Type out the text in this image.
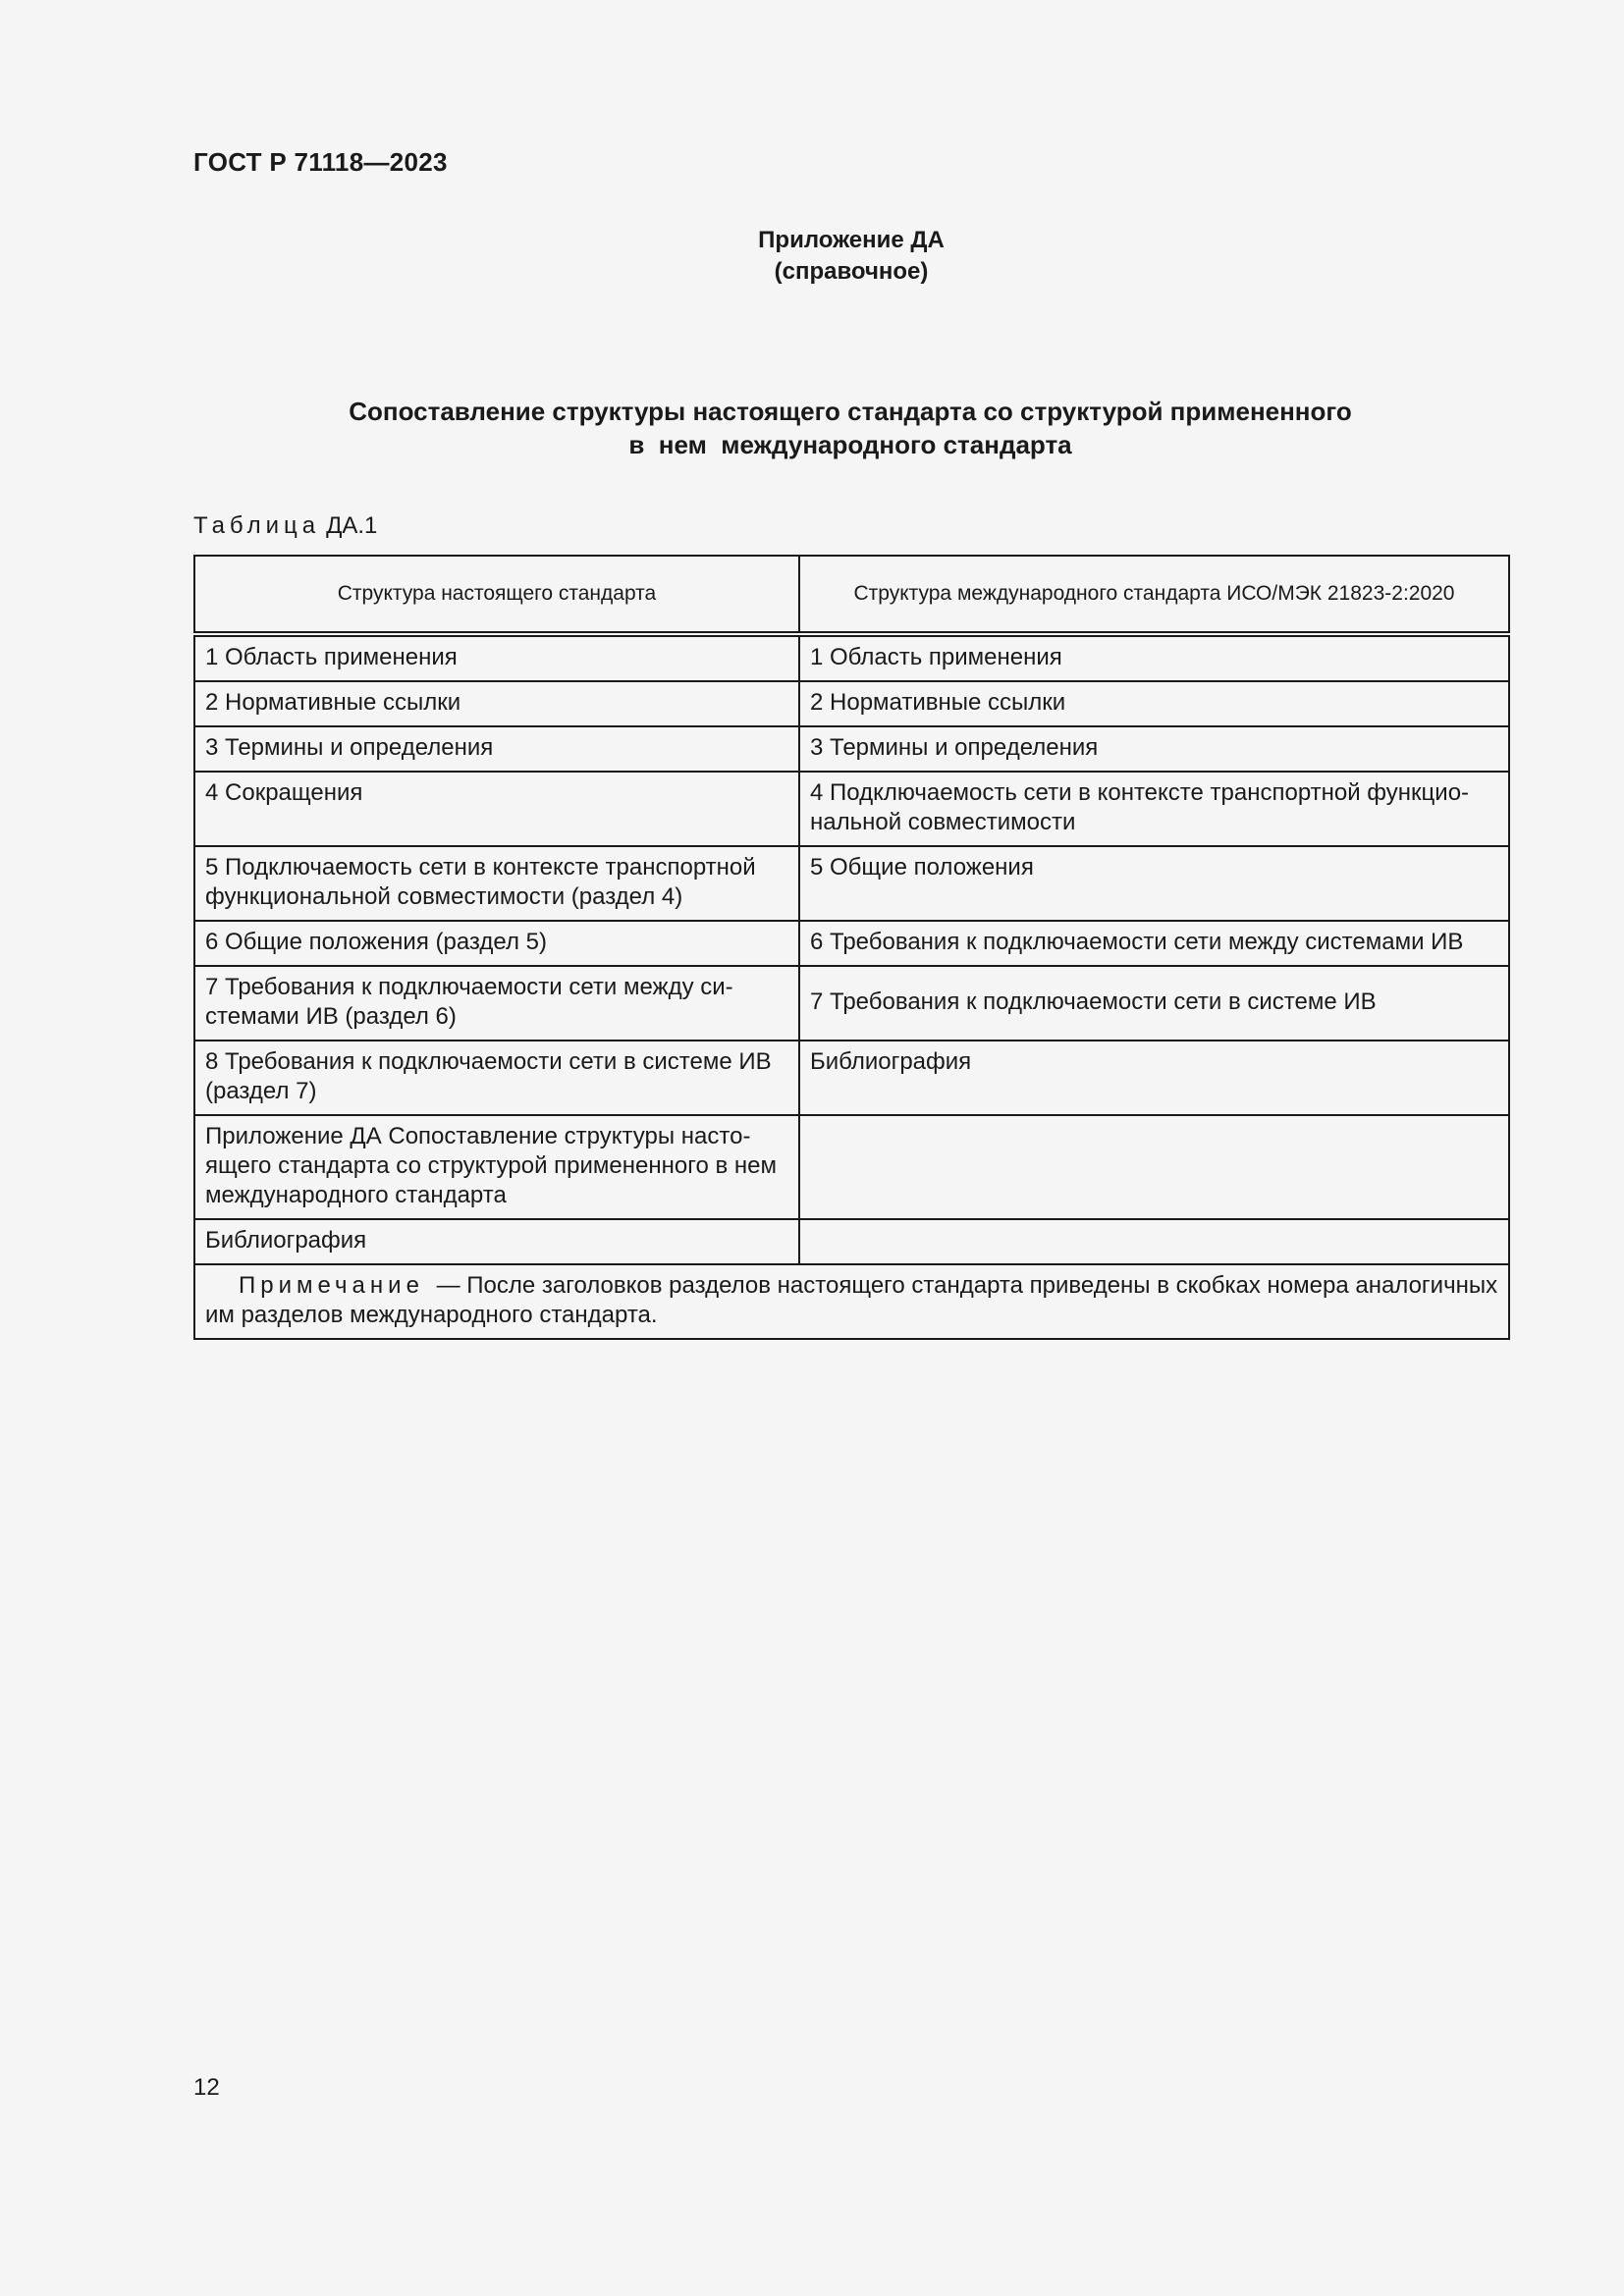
ГОСТ Р 71118—2023
Приложение ДА
(справочное)
Сопоставление структуры настоящего стандарта со структурой примененного
в  нем  международного стандарта
Таблица ДА.1
Структура настоящего стандарта	Структура международного стандарта ИСО/МЭК 21823-2:2020
1 Область применения	1 Область применения
2 Нормативные ссылки	2 Нормативные ссылки
3 Термины и определения	3 Термины и определения
4 Сокращения	4 Подключаемость сети в контексте транспортной функцио-нальной совместимости
5 Подключаемость сети в контексте транспортной функциональной совместимости (раздел 4)	5 Общие положения
6 Общие положения (раздел 5)	6 Требования к подключаемости сети между системами ИВ
7 Требования к подключаемости сети между си-стемами ИВ (раздел 6)	7 Требования к подключаемости сети в системе ИВ
8 Требования к подключаемости сети в системе ИВ (раздел 7)	Библиография
Приложение ДА Сопоставление структуры насто-ящего стандарта со структурой примененного в нем международного стандарта	
Библиография	
Примечание — После заголовков разделов настоящего стандарта приведены в скобках номера аналогичных им разделов международного стандарта.	
12
